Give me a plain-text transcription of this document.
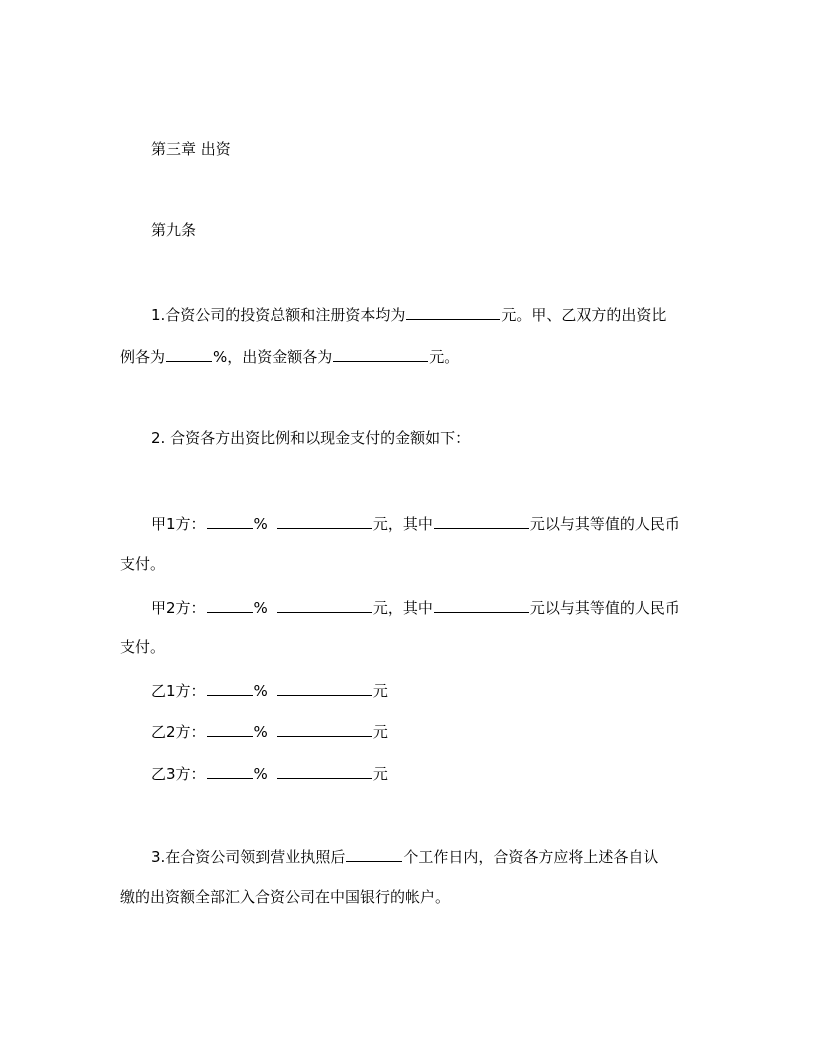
第三章 出资
第九条
1.合资公司的投资总额和注册资本均为	元。甲、乙双方的出资比
例各为	%，出资金额各为	元。
2. 合资各方出资比例和以现金支付的金额如下：
甲1方：	%	元，其中	元以与其等值的人民币
支付。
甲2方：	%	元，其中	元以与其等值的人民币
支付。
乙1方：	%	元
乙2方：	%	元
乙3方：	%	元
3.在合资公司领到营业执照后	个工作日内，合资各方应将上述各自认
缴的出资额全部汇入合资公司在中国银行的帐户。
